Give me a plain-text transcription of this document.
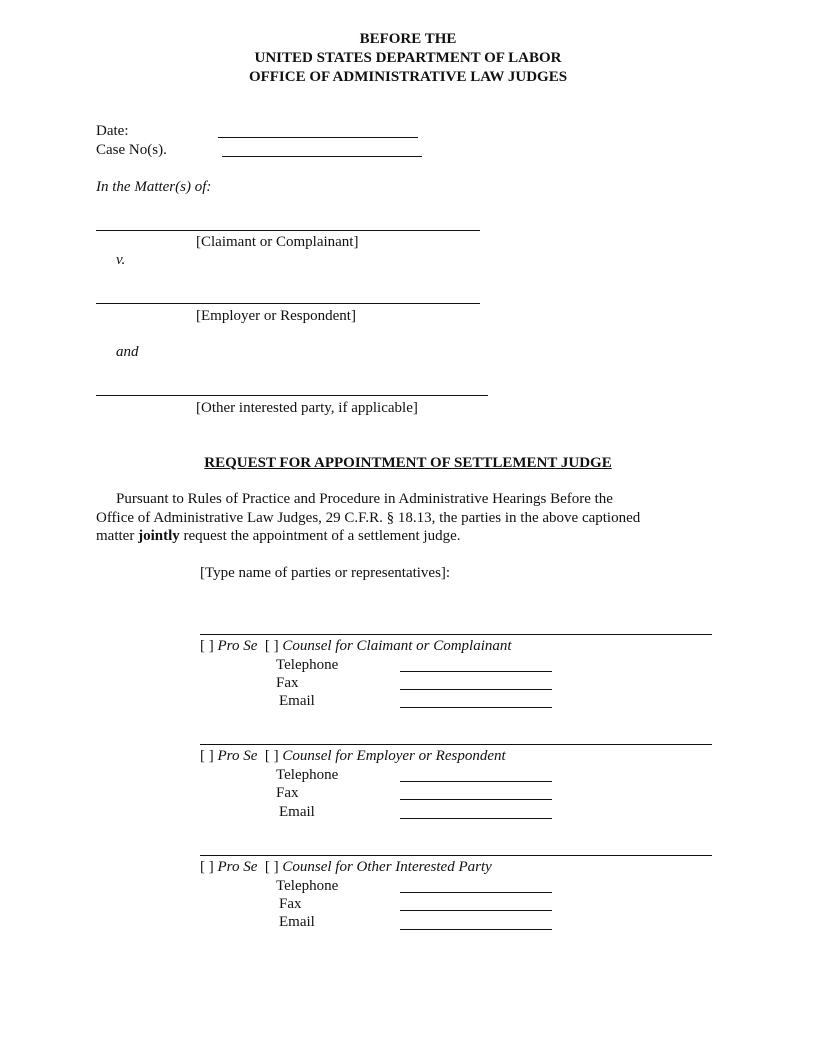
BEFORE THE
UNITED STATES DEPARTMENT OF LABOR
OFFICE OF ADMINISTRATIVE LAW JUDGES
Date:
Case No(s).
In the Matter(s) of:
[Claimant or Complainant]
v.
[Employer or Respondent]
and
[Other interested party, if applicable]
REQUEST FOR APPOINTMENT OF SETTLEMENT JUDGE
Pursuant to Rules of Practice and Procedure in Administrative Hearings Before the
Office of Administrative Law Judges, 29 C.F.R. § 18.13, the parties in the above captioned
matter jointly request the appointment of a settlement judge.
[Type name of parties or representatives]:
[ ] Pro Se [ ] Counsel for Claimant or Complainant
Telephone
Fax
Email
[ ] Pro Se [ ] Counsel for Employer or Respondent
Telephone
Fax
Email
[ ] Pro Se [ ] Counsel for Other Interested Party
Telephone
Fax
Email
